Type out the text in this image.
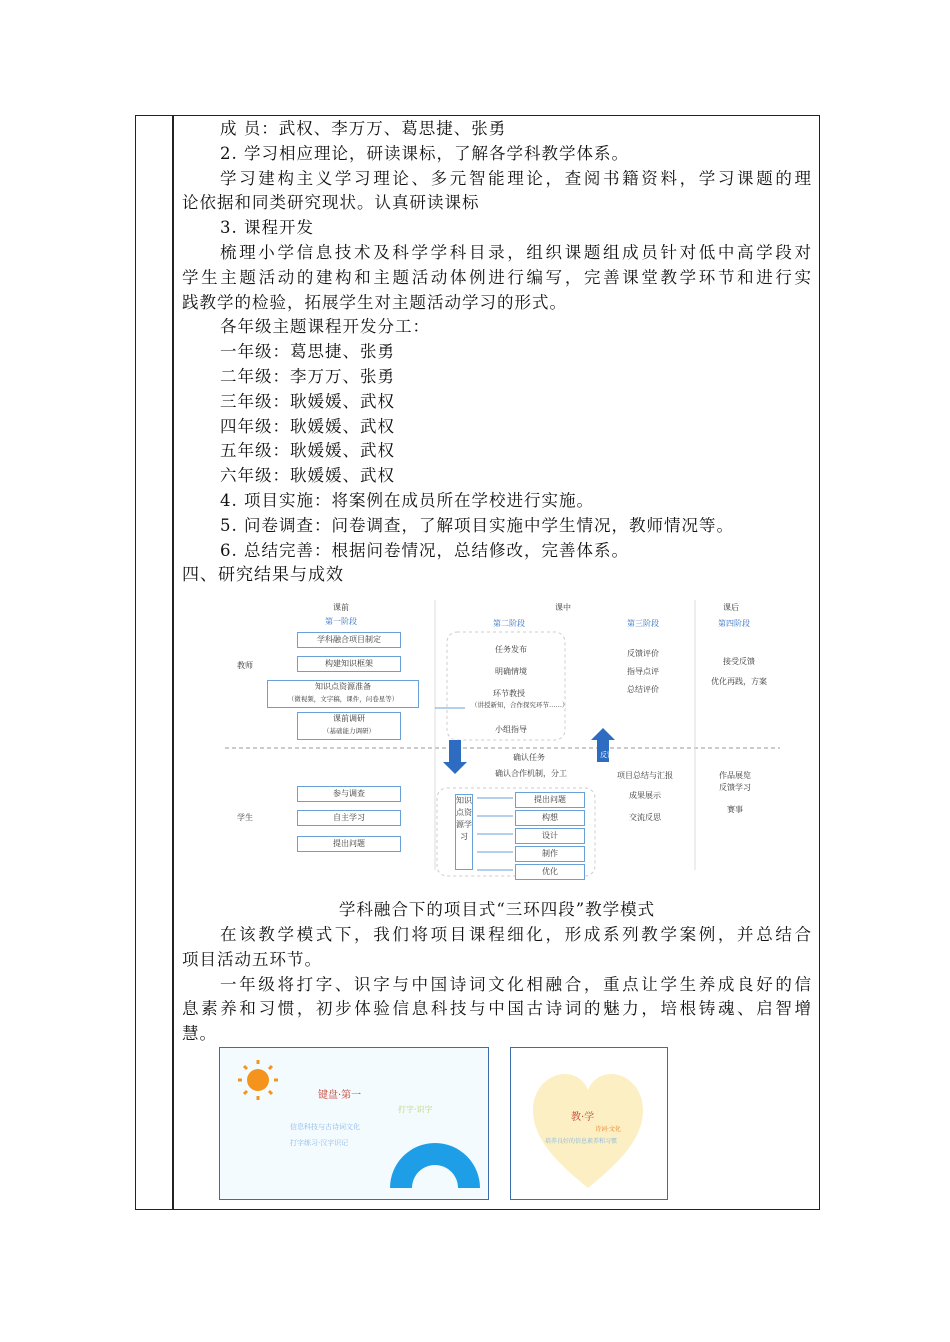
成 员：武权、李万万、葛思捷、张勇
2. 学习相应理论，研读课标，了解各学科教学体系。
学习建构主义学习理论、多元智能理论，查阅书籍资料，学习课题的理
论依据和同类研究现状。认真研读课标
3. 课程开发
梳理小学信息技术及科学学科目录，组织课题组成员针对低中高学段对
学生主题活动的建构和主题活动体例进行编写，完善课堂教学环节和进行实
践教学的检验，拓展学生对主题活动学习的形式。
各年级主题课程开发分工：
一年级：葛思捷、张勇
二年级：李万万、张勇
三年级：耿媛媛、武权
四年级：耿媛媛、武权
五年级：耿媛媛、武权
六年级：耿媛媛、武权
4. 项目实施：将案例在成员所在学校进行实施。
5. 问卷调查：问卷调查，了解项目实施中学生情况，教师情况等。
6. 总结完善：根据问卷情况，总结修改，完善体系。
四、研究结果与成效
学科融合下的项目式“三环四段”教学模式
在该教学模式下，我们将项目课程细化，形成系列教学案例，并总结合
项目活动五环节。
一年级将打字、识字与中国诗词文化相融合，重点让学生养成良好的信
息素养和习惯，初步体验信息科技与中国古诗词的魅力，培根铸魂、启智增
慧。
课前	课中	课后
第一阶段	第二阶段	第三阶段	第四阶段
教师
学生
学科融合项目制定
构建知识框架
知识点资源准备
（微视频，文字稿，课件，问卷星等）
课前调研
（基础能力调研）
任务发布
明确情境
环节教授
（讲授新知，合作探究环节……）
小组指导
指导
反馈
反馈评价
指导点评
总结评价
接受反馈
优化再践，方案
确认任务
确认合作机制，分工
参与调查
自主学习
提出问题
知识点资源学习
提出问题
构想
设计
制作
优化
项目总结与汇报
成果展示
交流反思
作品展览
反馈学习
赛事
键盘·第一
打字·识字
信息科技与古诗词文化
打字练习·汉字识记
教·学
诗词·文化
培养良好的信息素养和习惯
